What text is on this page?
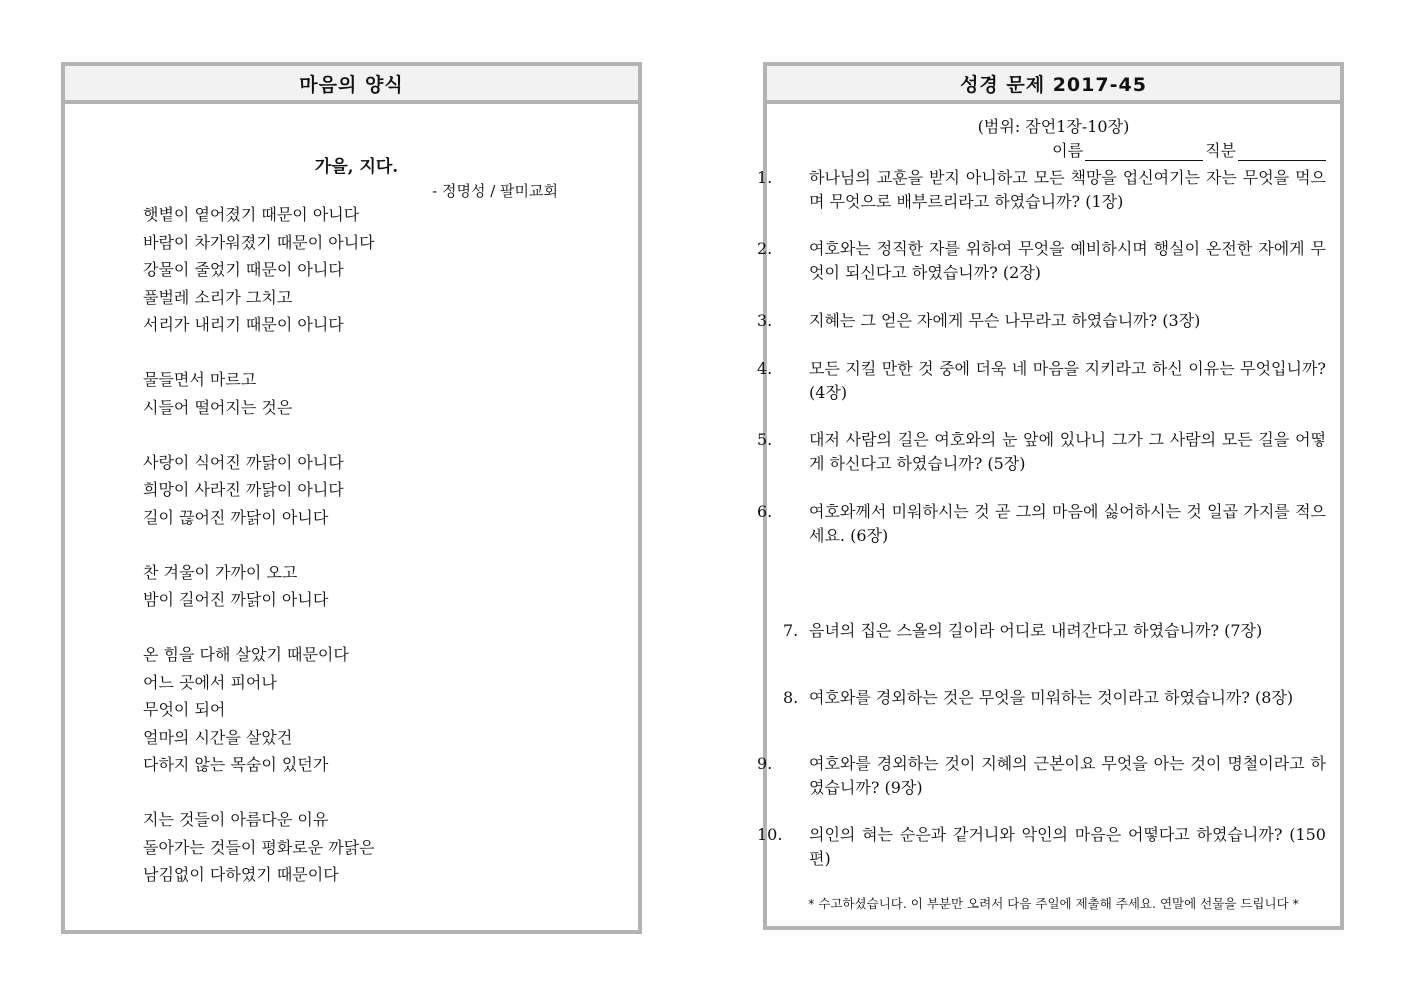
마음의 양식
가을, 지다.
- 정명성 / 팔미교회
햇볕이 옅어졌기 때문이 아니다
바람이 차가워졌기 때문이 아니다
강물이 줄었기 때문이 아니다
풀벌레 소리가 그치고
서리가 내리기 때문이 아니다
물들면서 마르고
시들어 떨어지는 것은
사랑이 식어진 까닭이 아니다
희망이 사라진 까닭이 아니다
길이 끊어진 까닭이 아니다
찬 겨울이 가까이 오고
밤이 길어진 까닭이 아니다
온 힘을 다해 살았기 때문이다
어느 곳에서 피어나
무엇이 되어
얼마의 시간을 살았건
다하지 않는 목숨이 있던가
지는 것들이 아름다운 이유
돌아가는 것들이 평화로운 까닭은
남김없이 다하였기 때문이다
성경 문제 2017-45
(범위: 잠언1장-10장)
이름	직분
1. 하나님의 교훈을 받지 아니하고 모든 책망을 업신여기는 자는 무엇을 먹으며 무엇으로 배부르리라고 하였습니까? (1장)
2. 여호와는 정직한 자를 위하여 무엇을 예비하시며 행실이 온전한 자에게 무엇이 되신다고 하였습니까? (2장)
3. 지혜는 그 얻은 자에게 무슨 나무라고 하였습니까? (3장)
4. 모든 지킬 만한 것 중에 더욱 네 마음을 지키라고 하신 이유는 무엇입니까? (4장)
5. 대저 사람의 길은 여호와의 눈 앞에 있나니 그가 그 사람의 모든 길을 어떻게 하신다고 하였습니까? (5장)
6. 여호와께서 미워하시는 것 곧 그의 마음에 싫어하시는 것 일곱 가지를 적으세요. (6장)
7. 음녀의 집은 스올의 길이라 어디로 내려간다고 하였습니까? (7장)
8. 여호와를 경외하는 것은 무엇을 미워하는 것이라고 하였습니까? (8장)
9. 여호와를 경외하는 것이 지혜의 근본이요 무엇을 아는 것이 명철이라고 하였습니까? (9장)
10. 의인의 혀는 순은과 같거니와 악인의 마음은 어떻다고 하였습니까? (150편)
* 수고하셨습니다. 이 부분만 오려서 다음 주일에 제출해 주세요. 연말에 선물을 드립니다 *
